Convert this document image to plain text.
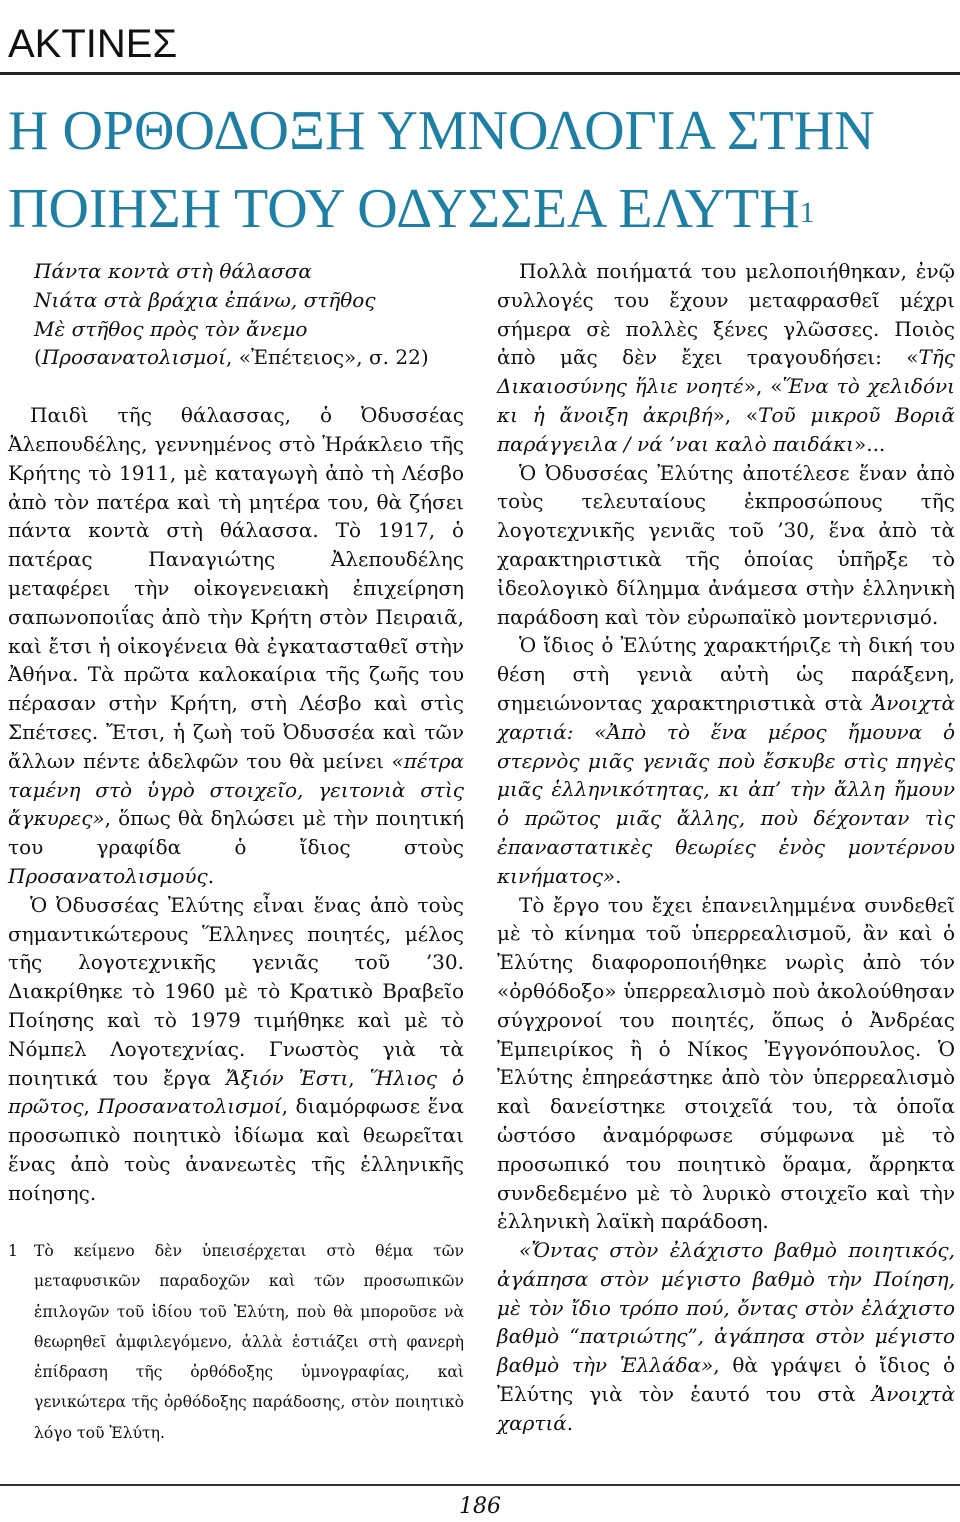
ΑΚΤΙΝΕΣ
Η ΟΡΘΟΔΟΞΗ ΥΜΝΟΛΟΓΙΑ ΣΤΗΝ
ΠΟΙΗΣΗ ΤΟΥ ΟΔΥΣΣΕΑ ΕΛΥΤΗ$^1$
Πάντα κοντὰ στὴ θάλασσα
Νιάτα στὰ βράχια ἐπάνω, στῆθος
Μὲ στῆθος πρὸς τὸν ἄνεμο
(Προσανατολισμοί, «Ἐπέτειος», σ. 22)

Παιδὶ τῆς θάλασσας, ὁ Ὀδυσσέας Ἀλεπουδέλης, γεννημένος στὸ Ἡράκλειο τῆς Κρήτης τὸ 1911, μὲ καταγωγὴ ἀπὸ τὴ Λέσβο ἀπὸ τὸν πατέρα καὶ τὴ μητέρα του, θὰ ζήσει πάντα κοντὰ στὴ θάλασσα. Τὸ 1917, ὁ πατέρας Παναγιώτης Ἀλεπουδέλης μεταφέρει τὴν οἰκογενειακὴ ἐπιχείρηση σαπωνοποιΐας ἀπὸ τὴν Κρήτη στὸν Πειραιᾶ, καὶ ἔτσι ἡ οἰκογένεια θὰ ἐγκατασταθεῖ στὴν Ἀθήνα. Τὰ πρῶτα καλοκαίρια τῆς ζωῆς του πέρασαν στὴν Κρήτη, στὴ Λέσβο καὶ στὶς Σπέτσες. Ἔτσι, ἡ ζωὴ τοῦ Ὀδυσσέα καὶ τῶν ἄλλων πέντε ἀδελφῶν του θὰ μείνει «πέτρα ταμένη στὸ ὑγρὸ στοιχεῖο, γειτονιὰ στὶς ἄγκυρες», ὅπως θὰ δηλώσει μὲ τὴν ποιητική του γραφίδα ὁ ἴδιος στοὺς Προσανατολισμούς.

Ὁ Ὀδυσσέας Ἐλύτης εἶναι ἕνας ἀπὸ τοὺς σημαντικώτερους Ἕλληνες ποιητές, μέλος τῆς λογοτεχνικῆς γενιᾶς τοῦ ’30. Διακρίθηκε τὸ 1960 μὲ τὸ Κρατικὸ Βραβεῖο Ποίησης καὶ τὸ 1979 τιμήθηκε καὶ μὲ τὸ Νόμπελ Λογοτεχνίας. Γνωστὸς γιὰ τὰ ποιητικά του ἔργα Ἄξιόν Ἐστι, Ἥλιος ὁ πρῶτος, Προσανατολισμοί, διαμόρφωσε ἕνα προσωπικὸ ποιητικὸ ἰδίωμα καὶ θεωρεῖται ἕνας ἀπὸ τοὺς ἀνανεωτὲς τῆς ἑλληνικῆς ποίησης.

1 Τὸ κείμενο δὲν ὑπεισέρχεται στὸ θέμα τῶν μεταφυσικῶν παραδοχῶν καὶ τῶν προσωπικῶν ἐπιλογῶν τοῦ ἰδίου τοῦ Ἐλύτη, ποὺ θὰ μποροῦσε νὰ θεωρηθεῖ ἀμφιλεγόμενο, ἀλλὰ ἑστιάζει στὴ φανερὴ ἐπίδραση τῆς ὀρθόδοξης ὑμνογραφίας, καὶ γενικώτερα τῆς ὀρθόδοξης παράδοσης, στὸν ποιητικὸ λόγο τοῦ Ἐλύτη.

Πολλὰ ποιήματά του μελοποιήθηκαν, ἐνῷ συλλογές του ἔχουν μεταφρασθεῖ μέχρι σήμερα σὲ πολλὲς ξένες γλῶσσες. Ποιὸς ἀπὸ μᾶς δὲν ἔχει τραγουδήσει: «Τῆς Δικαιοσύνης ἥλιε νοητέ», «Ἕνα τὸ χελιδόνι κι ἡ ἄνοιξη ἀκριβή», «Τοῦ μικροῦ Βοριᾶ παράγγειλα / νά ’ναι καλὸ παιδάκι»...

Ὁ Ὀδυσσέας Ἐλύτης ἀποτέλεσε ἕναν ἀπὸ τοὺς τελευταίους ἐκπροσώπους τῆς λογοτεχνικῆς γενιᾶς τοῦ ’30, ἕνα ἀπὸ τὰ χαρακτηριστικὰ τῆς ὁποίας ὑπῆρξε τὸ ἰδεολογικὸ δίλημμα ἀνάμεσα στὴν ἑλληνικὴ παράδοση καὶ τὸν εὐρωπαϊκὸ μοντερνισμό.

Ὁ ἴδιος ὁ Ἐλύτης χαρακτήριζε τὴ δική του θέση στὴ γενιὰ αὐτὴ ὡς παράξενη, σημειώνοντας χαρακτηριστικὰ στὰ Ἀνοιχτὰ χαρτιά: «Ἀπὸ τὸ ἕνα μέρος ἤμουνα ὁ στερνὸς μιᾶς γενιᾶς ποὺ ἔσκυβε στὶς πηγὲς μιᾶς ἑλληνικότητας, κι ἀπ’ τὴν ἄλλη ἤμουν ὁ πρῶτος μιᾶς ἄλλης, ποὺ δέχονταν τὶς ἐπαναστατικὲς θεωρίες ἑνὸς μοντέρνου κινήματος».

Τὸ ἔργο του ἔχει ἐπανειλημμένα συνδεθεῖ μὲ τὸ κίνημα τοῦ ὑπερρεαλισμοῦ, ἂν καὶ ὁ Ἐλύτης διαφοροποιήθηκε νωρὶς ἀπὸ τόν «ὀρθόδοξο» ὑπερρεαλισμὸ ποὺ ἀκολούθησαν σύγχρονοί του ποιητές, ὅπως ὁ Ἀνδρέας Ἐμπειρίκος ἢ ὁ Νίκος Ἐγγονόπουλος. Ὁ Ἐλύτης ἐπηρεάστηκε ἀπὸ τὸν ὑπερρεαλισμὸ καὶ δανείστηκε στοιχεῖά του, τὰ ὁποῖα ὡστόσο ἀναμόρφωσε σύμφωνα μὲ τὸ προσωπικό του ποιητικὸ ὅραμα, ἄρρηκτα συνδεδεμένο μὲ τὸ λυρικὸ στοιχεῖο καὶ τὴν ἑλληνικὴ λαϊκὴ παράδοση.

«Ὄντας στὸν ἐλάχιστο βαθμὸ ποιητικός, ἀγάπησα στὸν μέγιστο βαθμὸ τὴν Ποίηση, μὲ τὸν ἴδιο τρόπο πού, ὄντας στὸν ἐλάχιστο βαθμὸ “πατριώτης”, ἀγάπησα στὸν μέγιστο βαθμὸ τὴν Ἑλλάδα», θὰ γράψει ὁ ἴδιος ὁ Ἐλύτης γιὰ τὸν ἑαυτό του στὰ Ἀνοιχτὰ χαρτιά.

186
